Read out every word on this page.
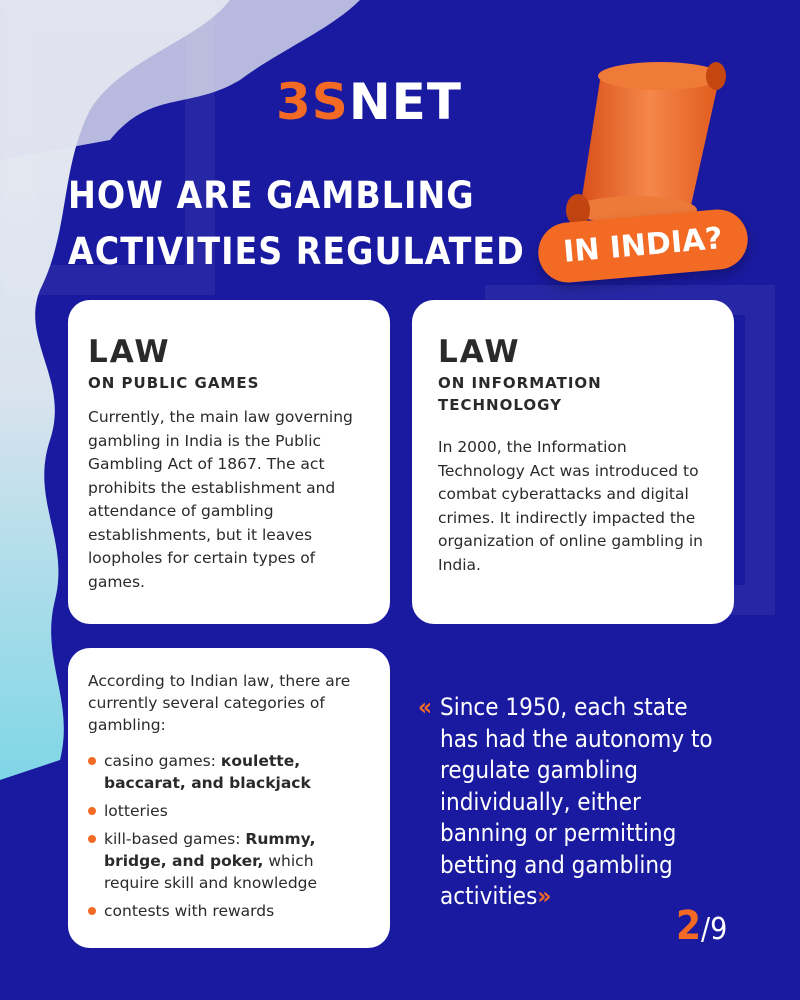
3SNET
HOW ARE GAMBLING
ACTIVITIES REGULATED	IN INDIA?
LAW
ON PUBLIC GAMES
Currently, the main law governing gambling in India is the Public Gambling Act of 1867. The act prohibits the establishment and attendance of gambling establishments, but it leaves loopholes for certain types of games.
LAW
ON INFORMATION TECHNOLOGY
In 2000, the Information Technology Act was introduced to combat cyberattacks and digital crimes. It indirectly impacted the organization of online gambling in India.
According to Indian law, there are currently several categories of gambling:
casino games: кoulette, baccarat, and blackjack
lotteries
kill-based games: Rummy, bridge, and poker, which require skill and knowledge
contests with rewards
« Since 1950, each state has had the autonomy to regulate gambling individually, either banning or permitting betting and gambling activities»
2/9
